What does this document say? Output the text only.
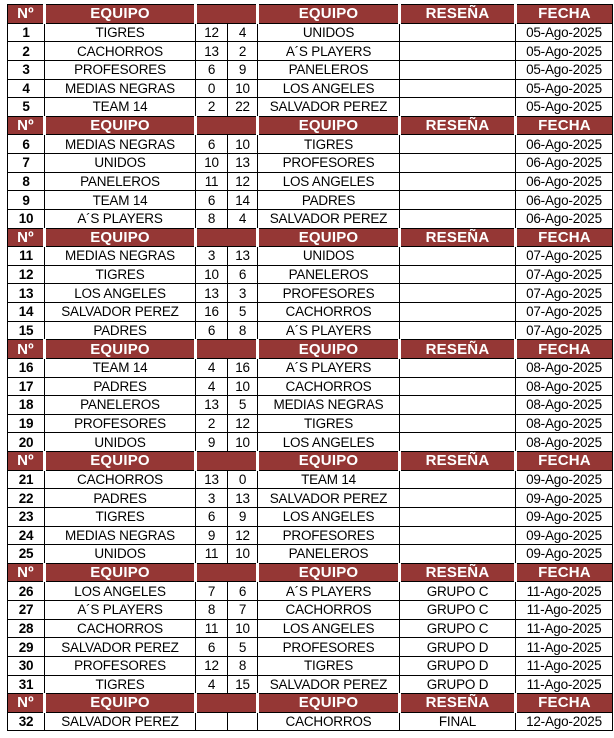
Nº	EQUIPO			EQUIPO	RESEÑA	FECHA
1	TIGRES	12	4	UNIDOS		05-Ago-2025
2	CACHORROS	13	2	A´S PLAYERS		05-Ago-2025
3	PROFESORES	6	9	PANELEROS		05-Ago-2025
4	MEDIAS NEGRAS	0	10	LOS ANGELES		05-Ago-2025
5	TEAM 14	2	22	SALVADOR PEREZ		05-Ago-2025
Nº	EQUIPO			EQUIPO	RESEÑA	FECHA
6	MEDIAS NEGRAS	6	10	TIGRES		06-Ago-2025
7	UNIDOS	10	13	PROFESORES		06-Ago-2025
8	PANELEROS	11	12	LOS ANGELES		06-Ago-2025
9	TEAM 14	6	14	PADRES		06-Ago-2025
10	A´S PLAYERS	8	4	SALVADOR PEREZ		06-Ago-2025
Nº	EQUIPO			EQUIPO	RESEÑA	FECHA
11	MEDIAS NEGRAS	3	13	UNIDOS		07-Ago-2025
12	TIGRES	10	6	PANELEROS		07-Ago-2025
13	LOS ANGELES	13	3	PROFESORES		07-Ago-2025
14	SALVADOR PEREZ	16	5	CACHORROS		07-Ago-2025
15	PADRES	6	8	A´S PLAYERS		07-Ago-2025
Nº	EQUIPO			EQUIPO	RESEÑA	FECHA
16	TEAM 14	4	16	A´S PLAYERS		08-Ago-2025
17	PADRES	4	10	CACHORROS		08-Ago-2025
18	PANELEROS	13	5	MEDIAS NEGRAS		08-Ago-2025
19	PROFESORES	2	12	TIGRES		08-Ago-2025
20	UNIDOS	9	10	LOS ANGELES		08-Ago-2025
Nº	EQUIPO			EQUIPO	RESEÑA	FECHA
21	CACHORROS	13	0	TEAM 14		09-Ago-2025
22	PADRES	3	13	SALVADOR PEREZ		09-Ago-2025
23	TIGRES	6	9	LOS ANGELES		09-Ago-2025
24	MEDIAS NEGRAS	9	12	PROFESORES		09-Ago-2025
25	UNIDOS	11	10	PANELEROS		09-Ago-2025
Nº	EQUIPO			EQUIPO	RESEÑA	FECHA
26	LOS ANGELES	7	6	A´S PLAYERS	GRUPO C	11-Ago-2025
27	A´S PLAYERS	8	7	CACHORROS	GRUPO C	11-Ago-2025
28	CACHORROS	11	10	LOS ANGELES	GRUPO C	11-Ago-2025
29	SALVADOR PEREZ	6	5	PROFESORES	GRUPO D	11-Ago-2025
30	PROFESORES	12	8	TIGRES	GRUPO D	11-Ago-2025
31	TIGRES	4	15	SALVADOR PEREZ	GRUPO D	11-Ago-2025
Nº	EQUIPO			EQUIPO	RESEÑA	FECHA
32	SALVADOR PEREZ			CACHORROS	FINAL	12-Ago-2025
